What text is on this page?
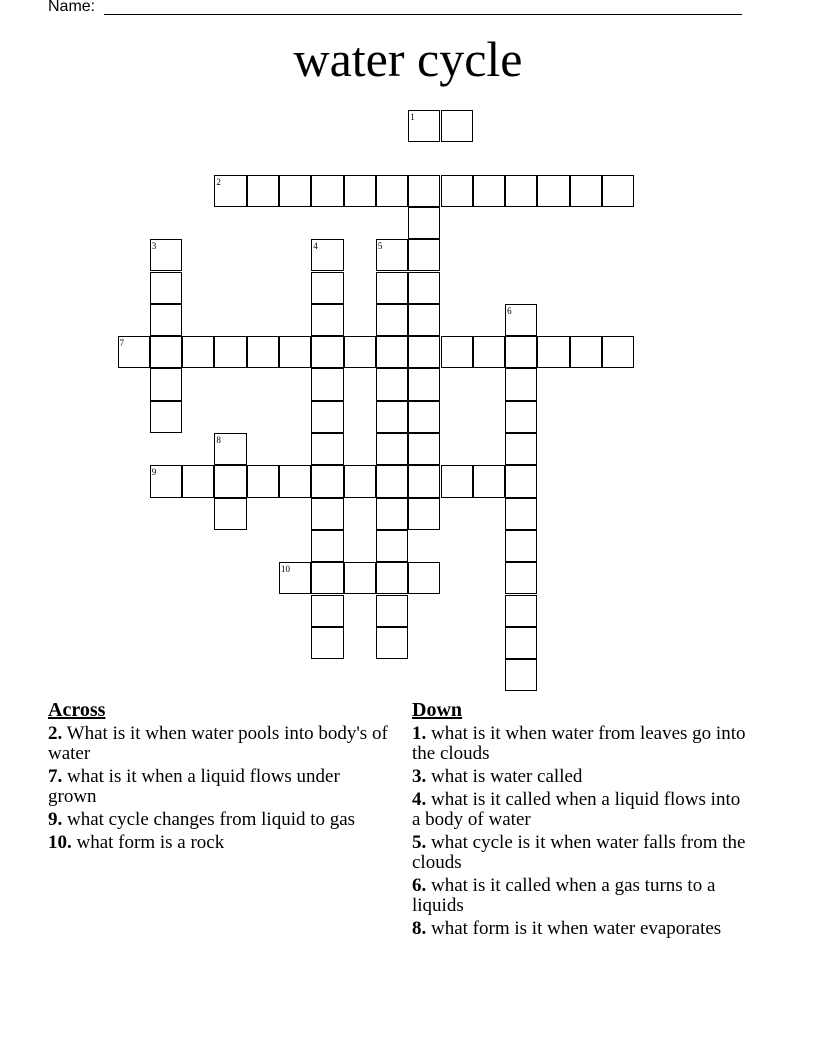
Name:
water cycle
1
2
3	4	5
6
7
8
9
10
Across
2. What is it when water pools into body's of water
7. what is it when a liquid flows under grown
9. what cycle changes from liquid to gas
10. what form is a rock
Down
1. what is it when water from leaves go into the clouds
3. what is water called
4. what is it called when a liquid flows into a body of water
5. what cycle is it when water falls from the clouds
6. what is it called when a gas turns to a liquids
8. what form is it when water evaporates
